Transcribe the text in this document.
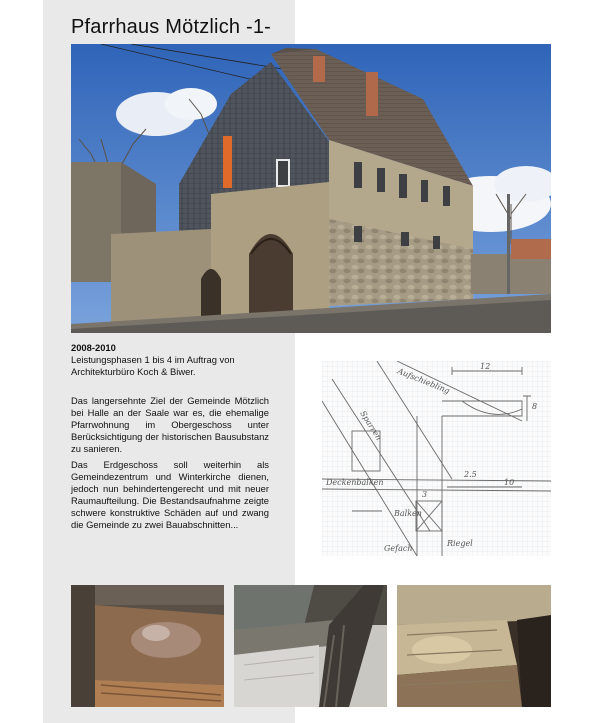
Pfarrhaus Mötzlich -1-
2008-2010
Leistungsphasen 1 bis 4 im Auftrag von Architekturbüro Koch & Biwer.
Das langersehnte Ziel der Gemeinde Mötzlich bei Halle an der Saale war es, die ehemalige Pfarrwohnung im Obergeschoss unter Berücksichtigung der historischen Bausubstanz zu sanieren.
Das Erdgeschoss soll weiterhin als Gemeindezentrum und Winterkirche dienen, jedoch nun behindertengerecht und mit neuer Raumaufteilung. Die Bestandsaufnahme zeigte schwere konstruktive Schäden auf und zwang die Gemeinde zu zwei Bauabschnitten...
Aufschiebling
Sparren
Deckenbalken
Balken
Gefach
Riegel
12
8
3
2.5
10
